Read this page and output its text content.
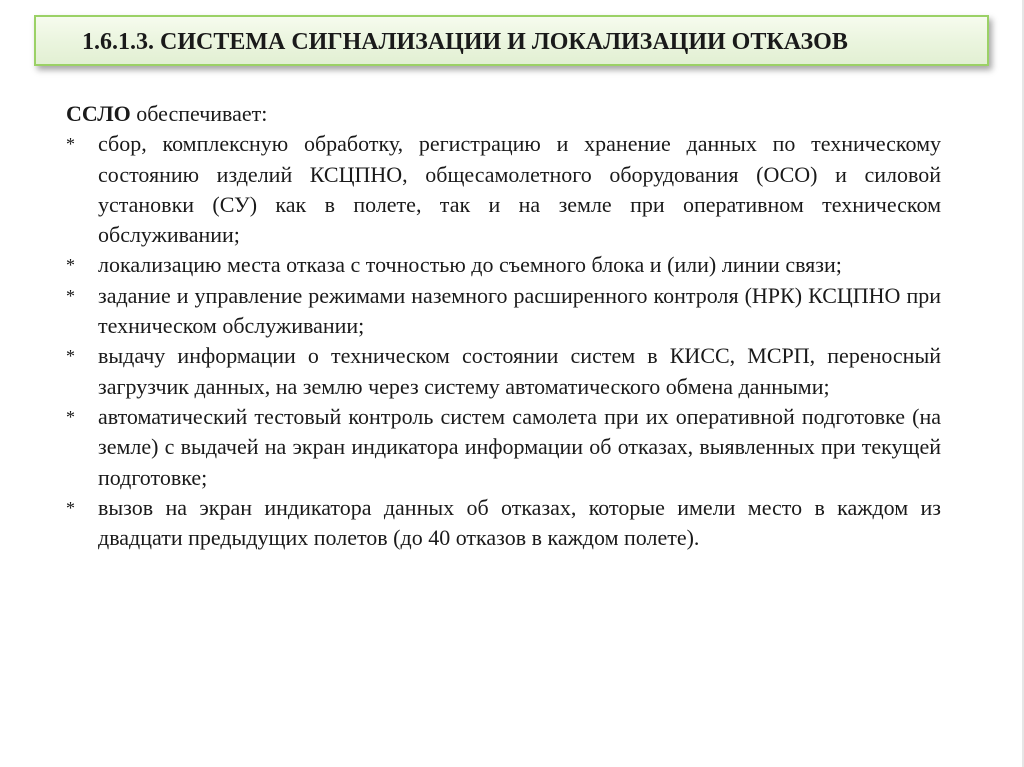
1.6.1.3. СИСТЕМА СИГНАЛИЗАЦИИ И ЛОКАЛИЗАЦИИ ОТКАЗОВ

ССЛО обеспечивает:

* сбор, комплексную обработку, регистрацию и хранение данных по техническому состоянию изделий КСЦПНО, общесамолетного оборудования (ОСО) и силовой установки (СУ) как в полете, так и на земле при оперативном техническом обслуживании;
* локализацию места отказа с точностью до съемного блока и (или) линии связи;
* задание и управление режимами наземного расширенного контроля (НРК) КСЦПНО при техническом обслуживании;
* выдачу информации о техническом состоянии систем в КИСС, МСРП, переносный загрузчик данных, на землю через систему автоматического обмена данными;
* автоматический тестовый контроль систем самолета при их оперативной подготовке (на земле) с выдачей на экран индикатора информации об отказах, выявленных при текущей подготовке;
* вызов на экран индикатора данных об отказах, которые имели место в каждом из двадцати предыдущих полетов (до 40 отказов в каждом полете).
